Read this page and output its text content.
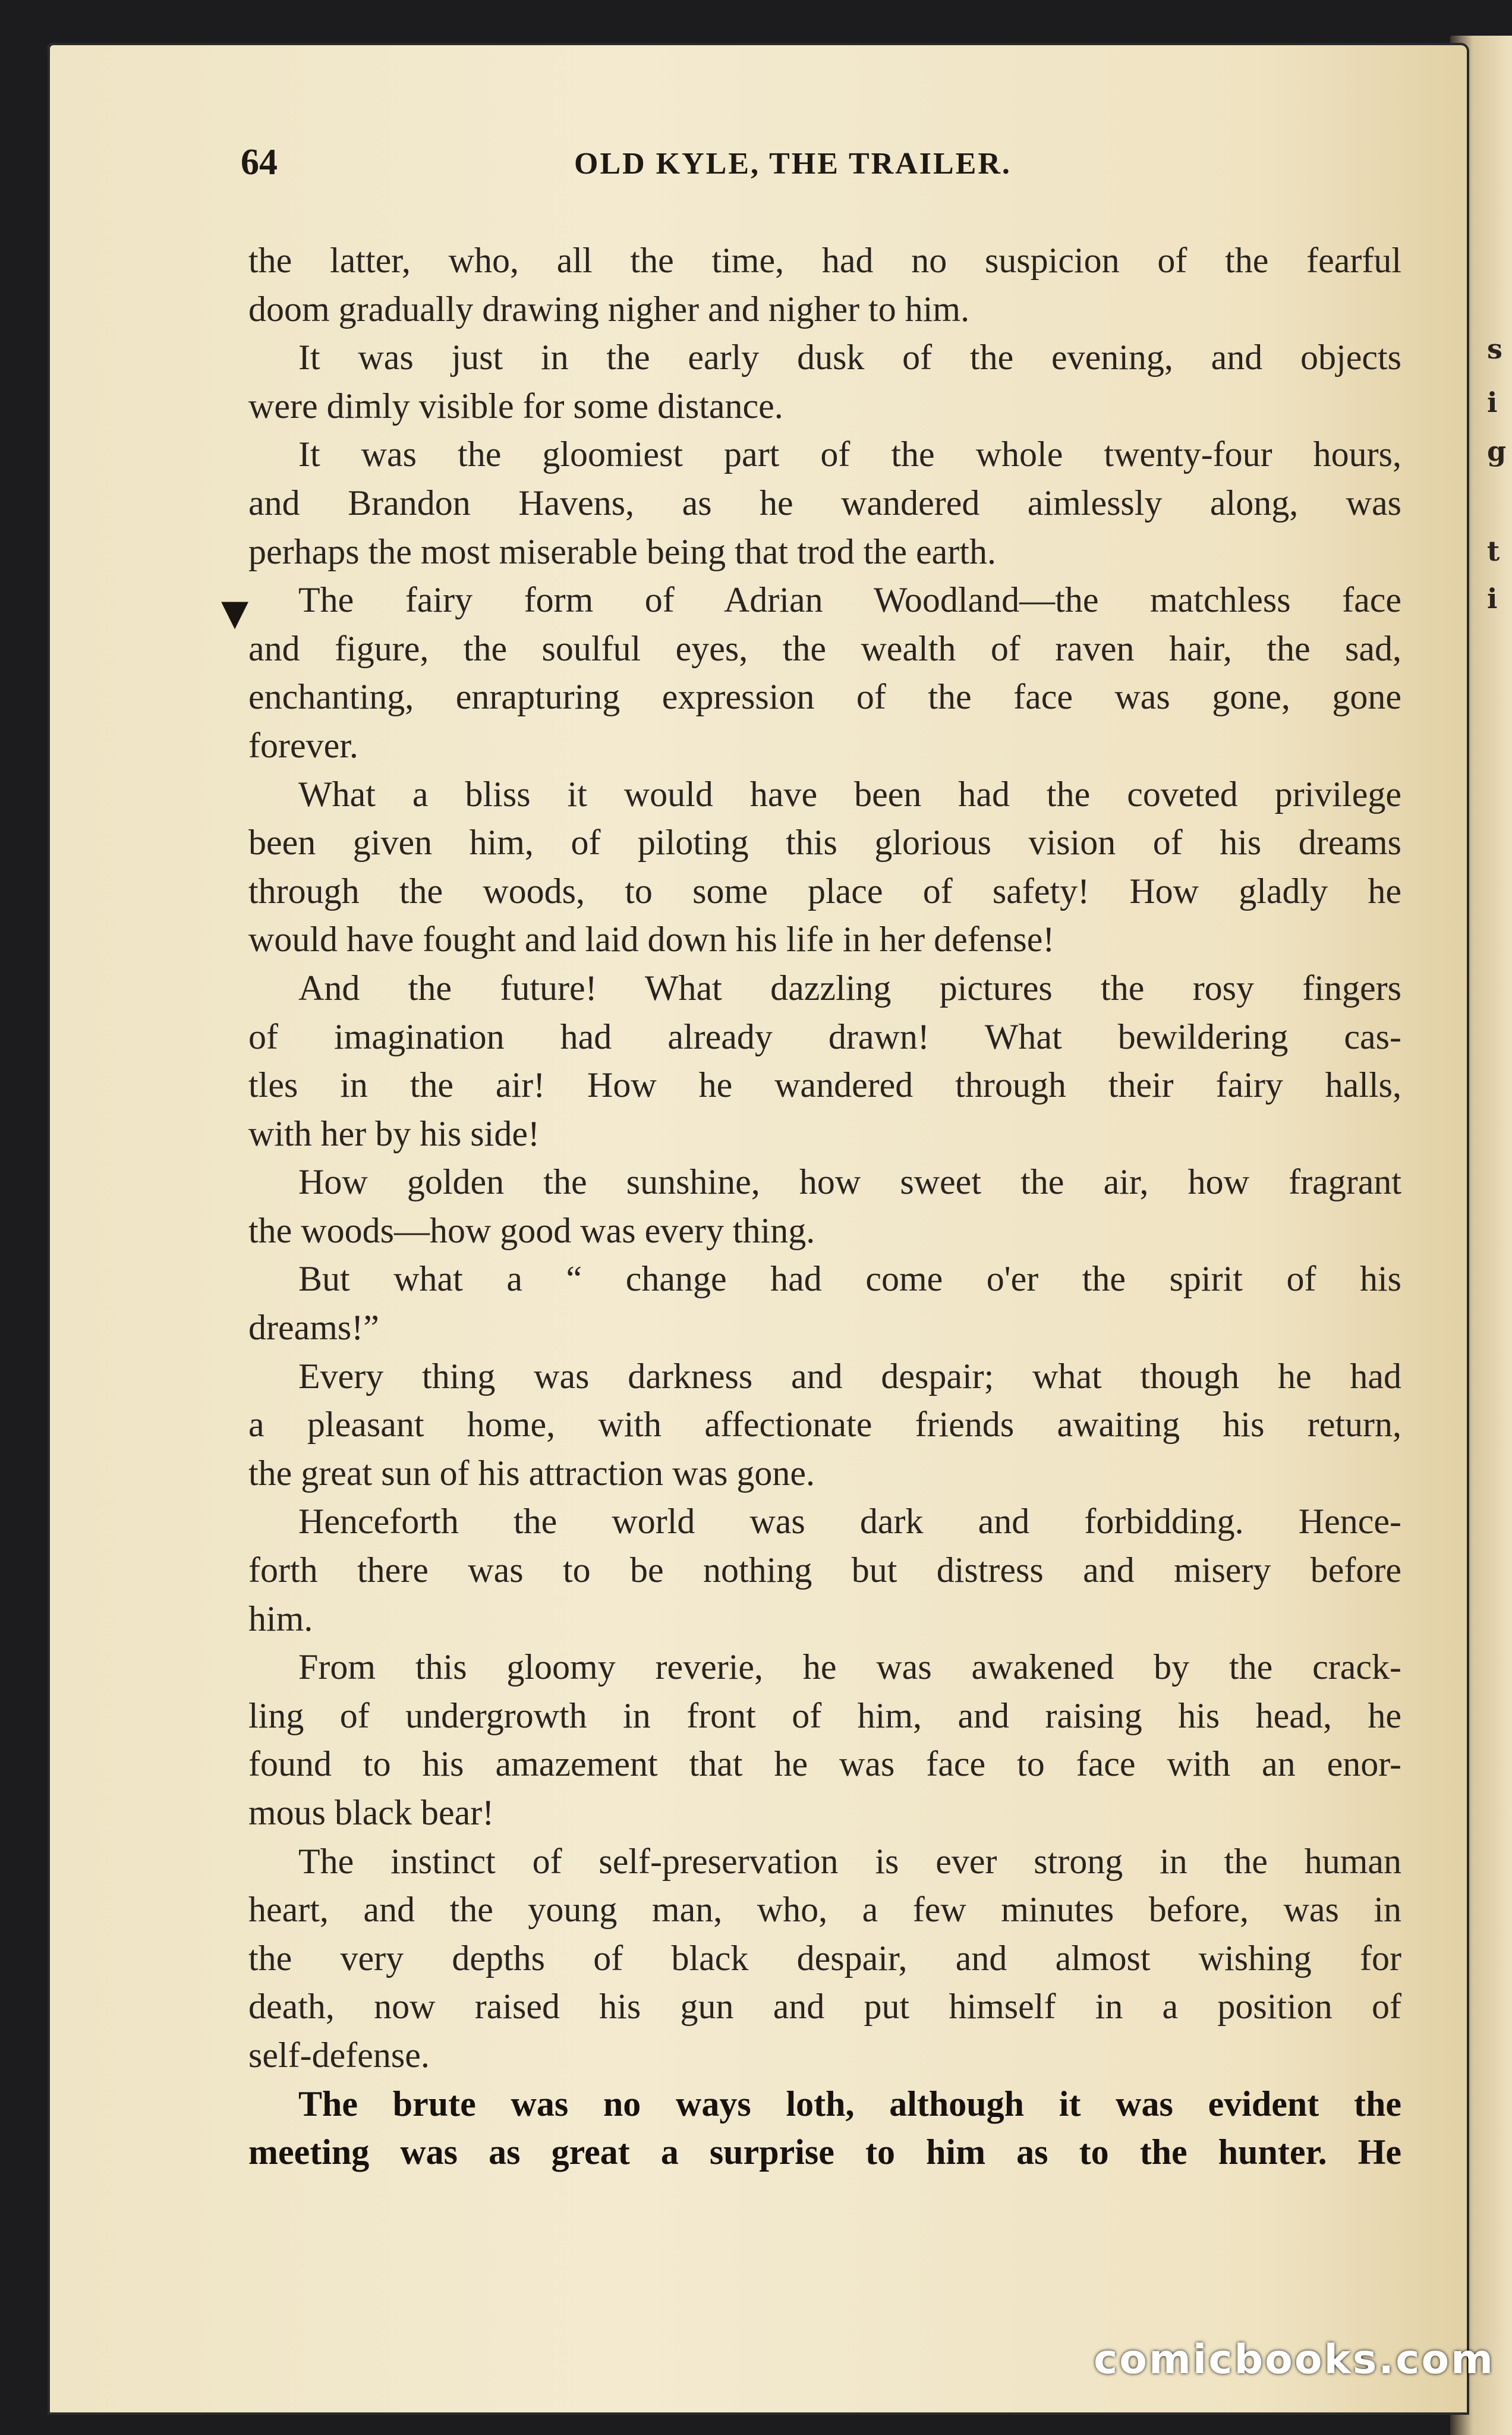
s
i
g
t
i
64	OLD KYLE, THE TRAILER.
▼
the latter, who, all the time, had no suspicion of the fearful
doom gradually drawing nigher and nigher to him.
It was just in the early dusk of the evening, and objects
were dimly visible for some distance.
It was the gloomiest part of the whole twenty-four hours,
and Brandon Havens, as he wandered aimlessly along, was
perhaps the most miserable being that trod the earth.
The fairy form of Adrian Woodland—the matchless face
and figure, the soulful eyes, the wealth of raven hair, the sad,
enchanting, enrapturing expression of the face was gone, gone
forever.
What a bliss it would have been had the coveted privilege
been given him, of piloting this glorious vision of his dreams
through the woods, to some place of safety! How gladly he
would have fought and laid down his life in her defense!
And the future! What dazzling pictures the rosy fingers
of imagination had already drawn! What bewildering cas-
tles in the air! How he wandered through their fairy halls,
with her by his side!
How golden the sunshine, how sweet the air, how fragrant
the woods—how good was every thing.
But what a “ change had come o'er the spirit of his
dreams!”
Every thing was darkness and despair; what though he had
a pleasant home, with affectionate friends awaiting his return,
the great sun of his attraction was gone.
Henceforth the world was dark and forbidding. Hence-
forth there was to be nothing but distress and misery before
him.
From this gloomy reverie, he was awakened by the crack-
ling of undergrowth in front of him, and raising his head, he
found to his amazement that he was face to face with an enor-
mous black bear!
The instinct of self-preservation is ever strong in the human
heart, and the young man, who, a few minutes before, was in
the very depths of black despair, and almost wishing for
death, now raised his gun and put himself in a position of
self-defense.
The brute was no ways loth, although it was evident the
meeting was as great a surprise to him as to the hunter. He
comicbooks.com
